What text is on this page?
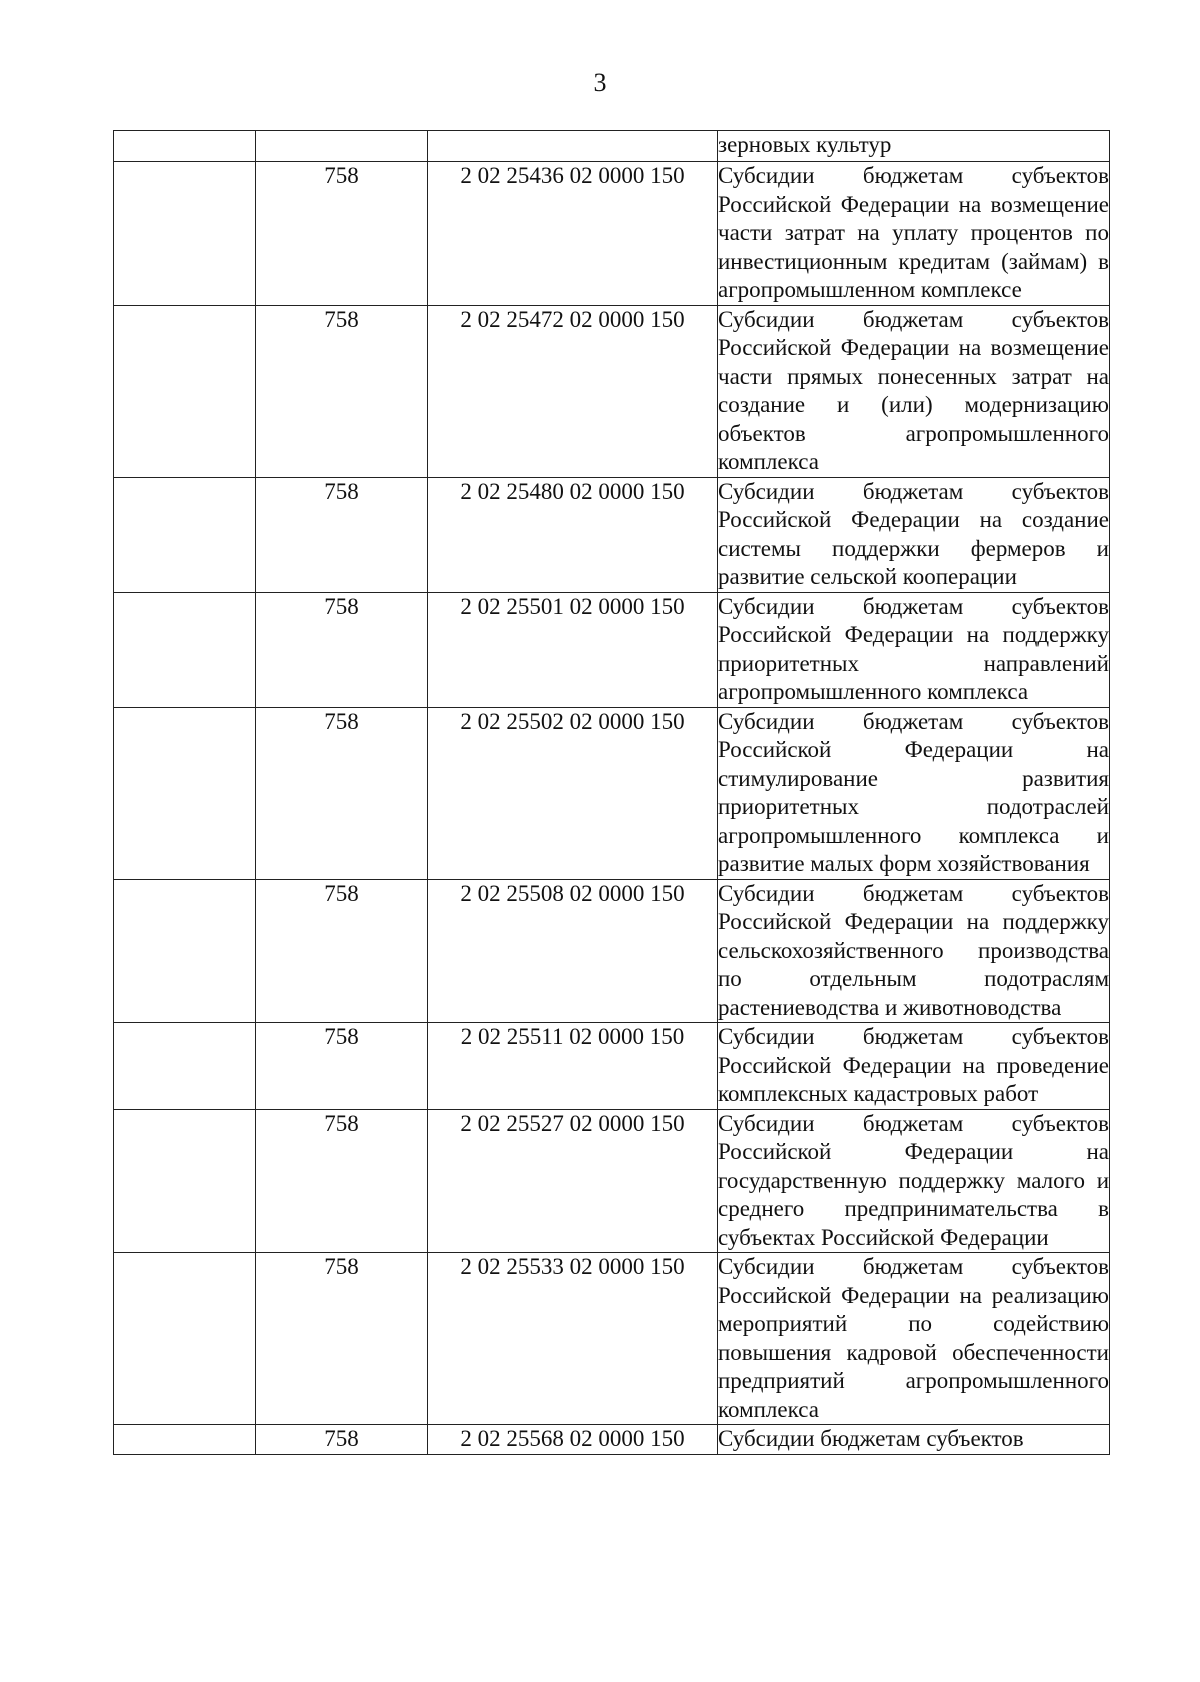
3
			зерновых культур
	758	2 02 25436 02 0000 150	Субсидии бюджетам субъектов Российской Федерации на возмещение части затрат на уплату процентов по инвестиционным кредитам (займам) в агропромышленном комплексе
	758	2 02 25472 02 0000 150	Субсидии бюджетам субъектов Российской Федерации на возмещение части прямых понесенных затрат на создание и (или) модернизацию объектов агропромышленного комплекса
	758	2 02 25480 02 0000 150	Субсидии бюджетам субъектов Российской Федерации на создание системы поддержки фермеров и развитие сельской кооперации
	758	2 02 25501 02 0000 150	Субсидии бюджетам субъектов Российской Федерации на поддержку приоритетных направлений агропромышленного комплекса
	758	2 02 25502 02 0000 150	Субсидии бюджетам субъектов Российской Федерации на стимулирование развития приоритетных подотраслей агропромышленного комплекса и развитие малых форм хозяйствования
	758	2 02 25508 02 0000 150	Субсидии бюджетам субъектов Российской Федерации на поддержку сельскохозяйственного производства по отдельным подотраслям растениеводства и животноводства
	758	2 02 25511 02 0000 150	Субсидии бюджетам субъектов Российской Федерации на проведение комплексных кадастровых работ
	758	2 02 25527 02 0000 150	Субсидии бюджетам субъектов Российской Федерации на государственную поддержку малого и среднего предпринимательства в субъектах Российской Федерации
	758	2 02 25533 02 0000 150	Субсидии бюджетам субъектов Российской Федерации на реализацию мероприятий по содействию повышения кадровой обеспеченности предприятий агропромышленного комплекса
	758	2 02 25568 02 0000 150	Субсидии бюджетам субъектов
